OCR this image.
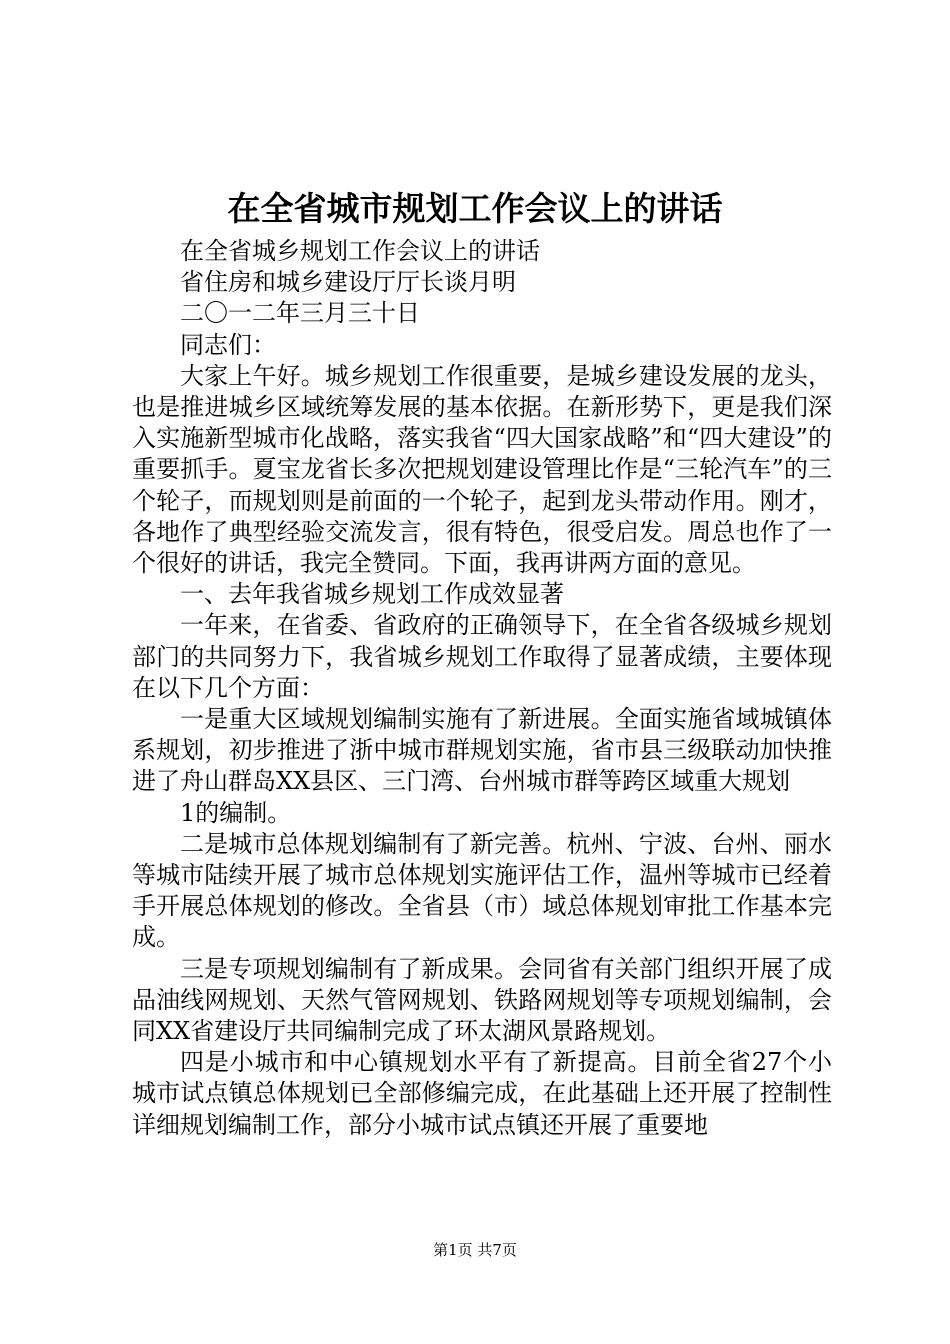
在全省城市规划工作会议上的讲话

在全省城乡规划工作会议上的讲话

省住房和城乡建设厅厅长谈月明

二〇一二年三月三十日

同志们：

大家上午好。城乡规划工作很重要，是城乡建设发展的龙头，也是推进城乡区域统筹发展的基本依据。在新形势下，更是我们深入实施新型城市化战略，落实我省“四大国家战略”和“四大建设”的重要抓手。夏宝龙省长多次把规划建设管理比作是“三轮汽车”的三个轮子，而规划则是前面的一个轮子，起到龙头带动作用。刚才，各地作了典型经验交流发言，很有特色，很受启发。周总也作了一个很好的讲话，我完全赞同。下面，我再讲两方面的意见。

一、去年我省城乡规划工作成效显著

一年来，在省委、省政府的正确领导下，在全省各级城乡规划部门的共同努力下，我省城乡规划工作取得了显著成绩，主要体现在以下几个方面：

一是重大区域规划编制实施有了新进展。全面实施省域城镇体系规划，初步推进了浙中城市群规划实施，省市县三级联动加快推进了舟山群岛XX县区、三门湾、台州城市群等跨区域重大规划

1的编制。

二是城市总体规划编制有了新完善。杭州、宁波、台州、丽水等城市陆续开展了城市总体规划实施评估工作，温州等城市已经着手开展总体规划的修改。全省县（市）域总体规划审批工作基本完成。

三是专项规划编制有了新成果。会同省有关部门组织开展了成品油线网规划、天然气管网规划、铁路网规划等专项规划编制，会同XX省建设厅共同编制完成了环太湖风景路规划。

四是小城市和中心镇规划水平有了新提高。目前全省27个小城市试点镇总体规划已全部修编完成，在此基础上还开展了控制性详细规划编制工作，部分小城市试点镇还开展了重要地

第1页 共7页
